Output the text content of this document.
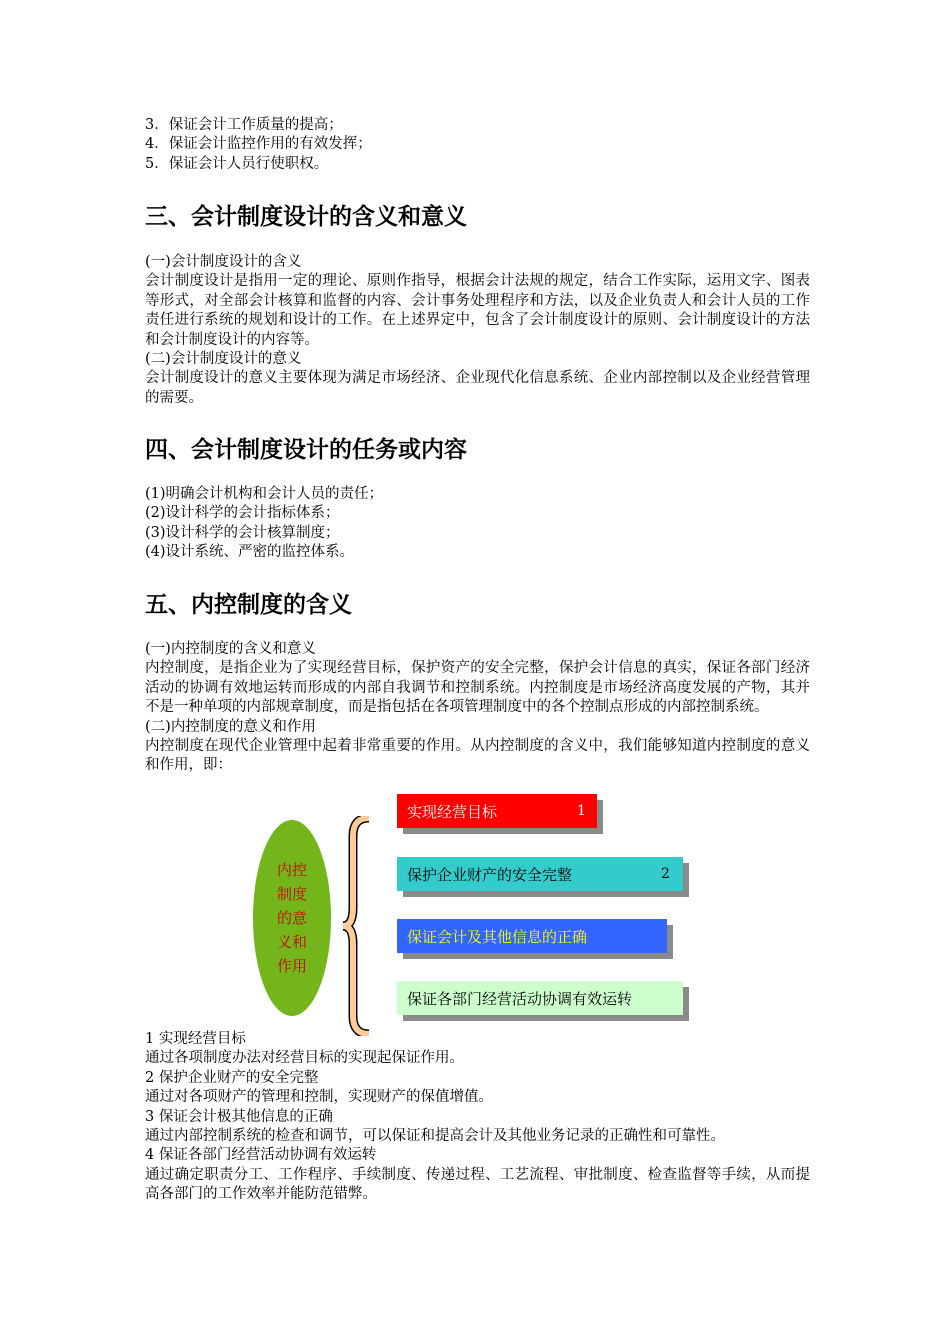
3．保证会计工作质量的提高；
4．保证会计监控作用的有效发挥；
5．保证会计人员行使职权。
三、会计制度设计的含义和意义
(一)会计制度设计的含义
会计制度设计是指用一定的理论、原则作指导，根据会计法规的规定，结合工作实际，运用文字、图表等形式，对全部会计核算和监督的内容、会计事务处理程序和方法，以及企业负责人和会计人员的工作责任进行系统的规划和设计的工作。在上述界定中，包含了会计制度设计的原则、会计制度设计的方法和会计制度设计的内容等。
(二)会计制度设计的意义
会计制度设计的意义主要体现为满足市场经济、企业现代化信息系统、企业内部控制以及企业经营管理的需要。
四、会计制度设计的任务或内容
(1)明确会计机构和会计人员的责任；
(2)设计科学的会计指标体系；
(3)设计科学的会计核算制度；
(4)设计系统、严密的监控体系。
五、内控制度的含义
(一)内控制度的含义和意义
内控制度，是指企业为了实现经营目标，保护资产的安全完整，保护会计信息的真实，保证各部门经济活动的协调有效地运转而形成的内部自我调节和控制系统。内控制度是市场经济高度发展的产物，其并不是一种单项的内部规章制度，而是指包括在各项管理制度中的各个控制点形成的内部控制系统。
(二)内控制度的意义和作用
内控制度在现代企业管理中起着非常重要的作用。从内控制度的含义中，我们能够知道内控制度的意义和作用，即：
内控
制度
的意
义和
作用
实现经营目标	1
保护企业财产的安全完整	2
保证会计及其他信息的正确
保证各部门经营活动协调有效运转
1 实现经营目标
通过各项制度办法对经营目标的实现起保证作用。
2 保护企业财产的安全完整
通过对各项财产的管理和控制，实现财产的保值增值。
3 保证会计极其他信息的正确
通过内部控制系统的检查和调节，可以保证和提高会计及其他业务记录的正确性和可靠性。
4 保证各部门经营活动协调有效运转
通过确定职责分工、工作程序、手续制度、传递过程、工艺流程、审批制度、检查监督等手续，从而提高各部门的工作效率并能防范错弊。
